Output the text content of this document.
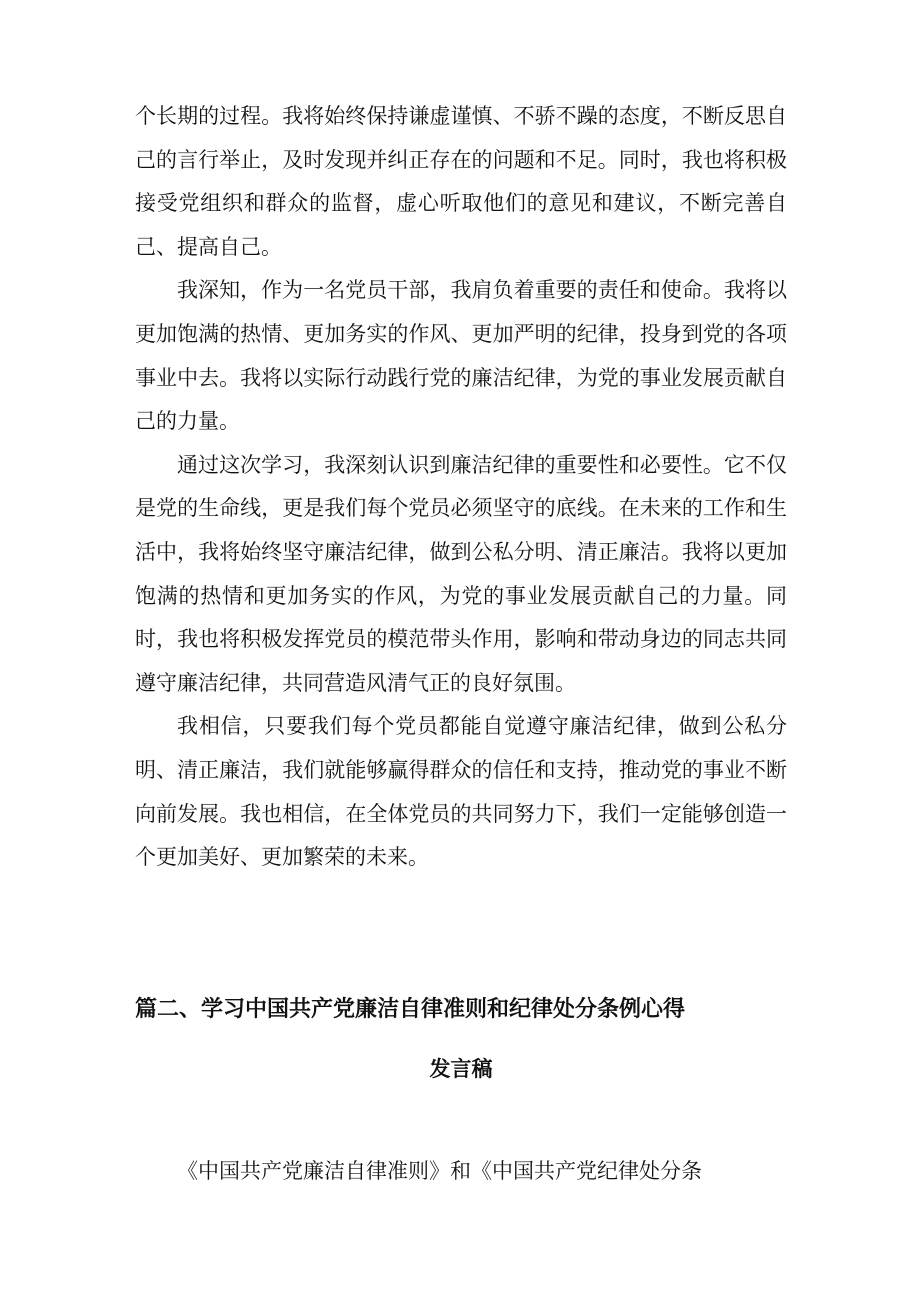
个长期的过程。我将始终保持谦虚谨慎、不骄不躁的态度，不断反思自己的言行举止，及时发现并纠正存在的问题和不足。同时，我也将积极接受党组织和群众的监督，虚心听取他们的意见和建议，不断完善自己、提高自己。

我深知，作为一名党员干部，我肩负着重要的责任和使命。我将以更加饱满的热情、更加务实的作风、更加严明的纪律，投身到党的各项事业中去。我将以实际行动践行党的廉洁纪律，为党的事业发展贡献自己的力量。

通过这次学习，我深刻认识到廉洁纪律的重要性和必要性。它不仅是党的生命线，更是我们每个党员必须坚守的底线。在未来的工作和生活中，我将始终坚守廉洁纪律，做到公私分明、清正廉洁。我将以更加饱满的热情和更加务实的作风，为党的事业发展贡献自己的力量。同时，我也将积极发挥党员的模范带头作用，影响和带动身边的同志共同遵守廉洁纪律，共同营造风清气正的良好氛围。

我相信，只要我们每个党员都能自觉遵守廉洁纪律，做到公私分明、清正廉洁，我们就能够赢得群众的信任和支持，推动党的事业不断向前发展。我也相信，在全体党员的共同努力下，我们一定能够创造一个更加美好、更加繁荣的未来。

篇二、学习中国共产党廉洁自律准则和纪律处分条例心得
发言稿

《中国共产党廉洁自律准则》和《中国共产党纪律处分条
